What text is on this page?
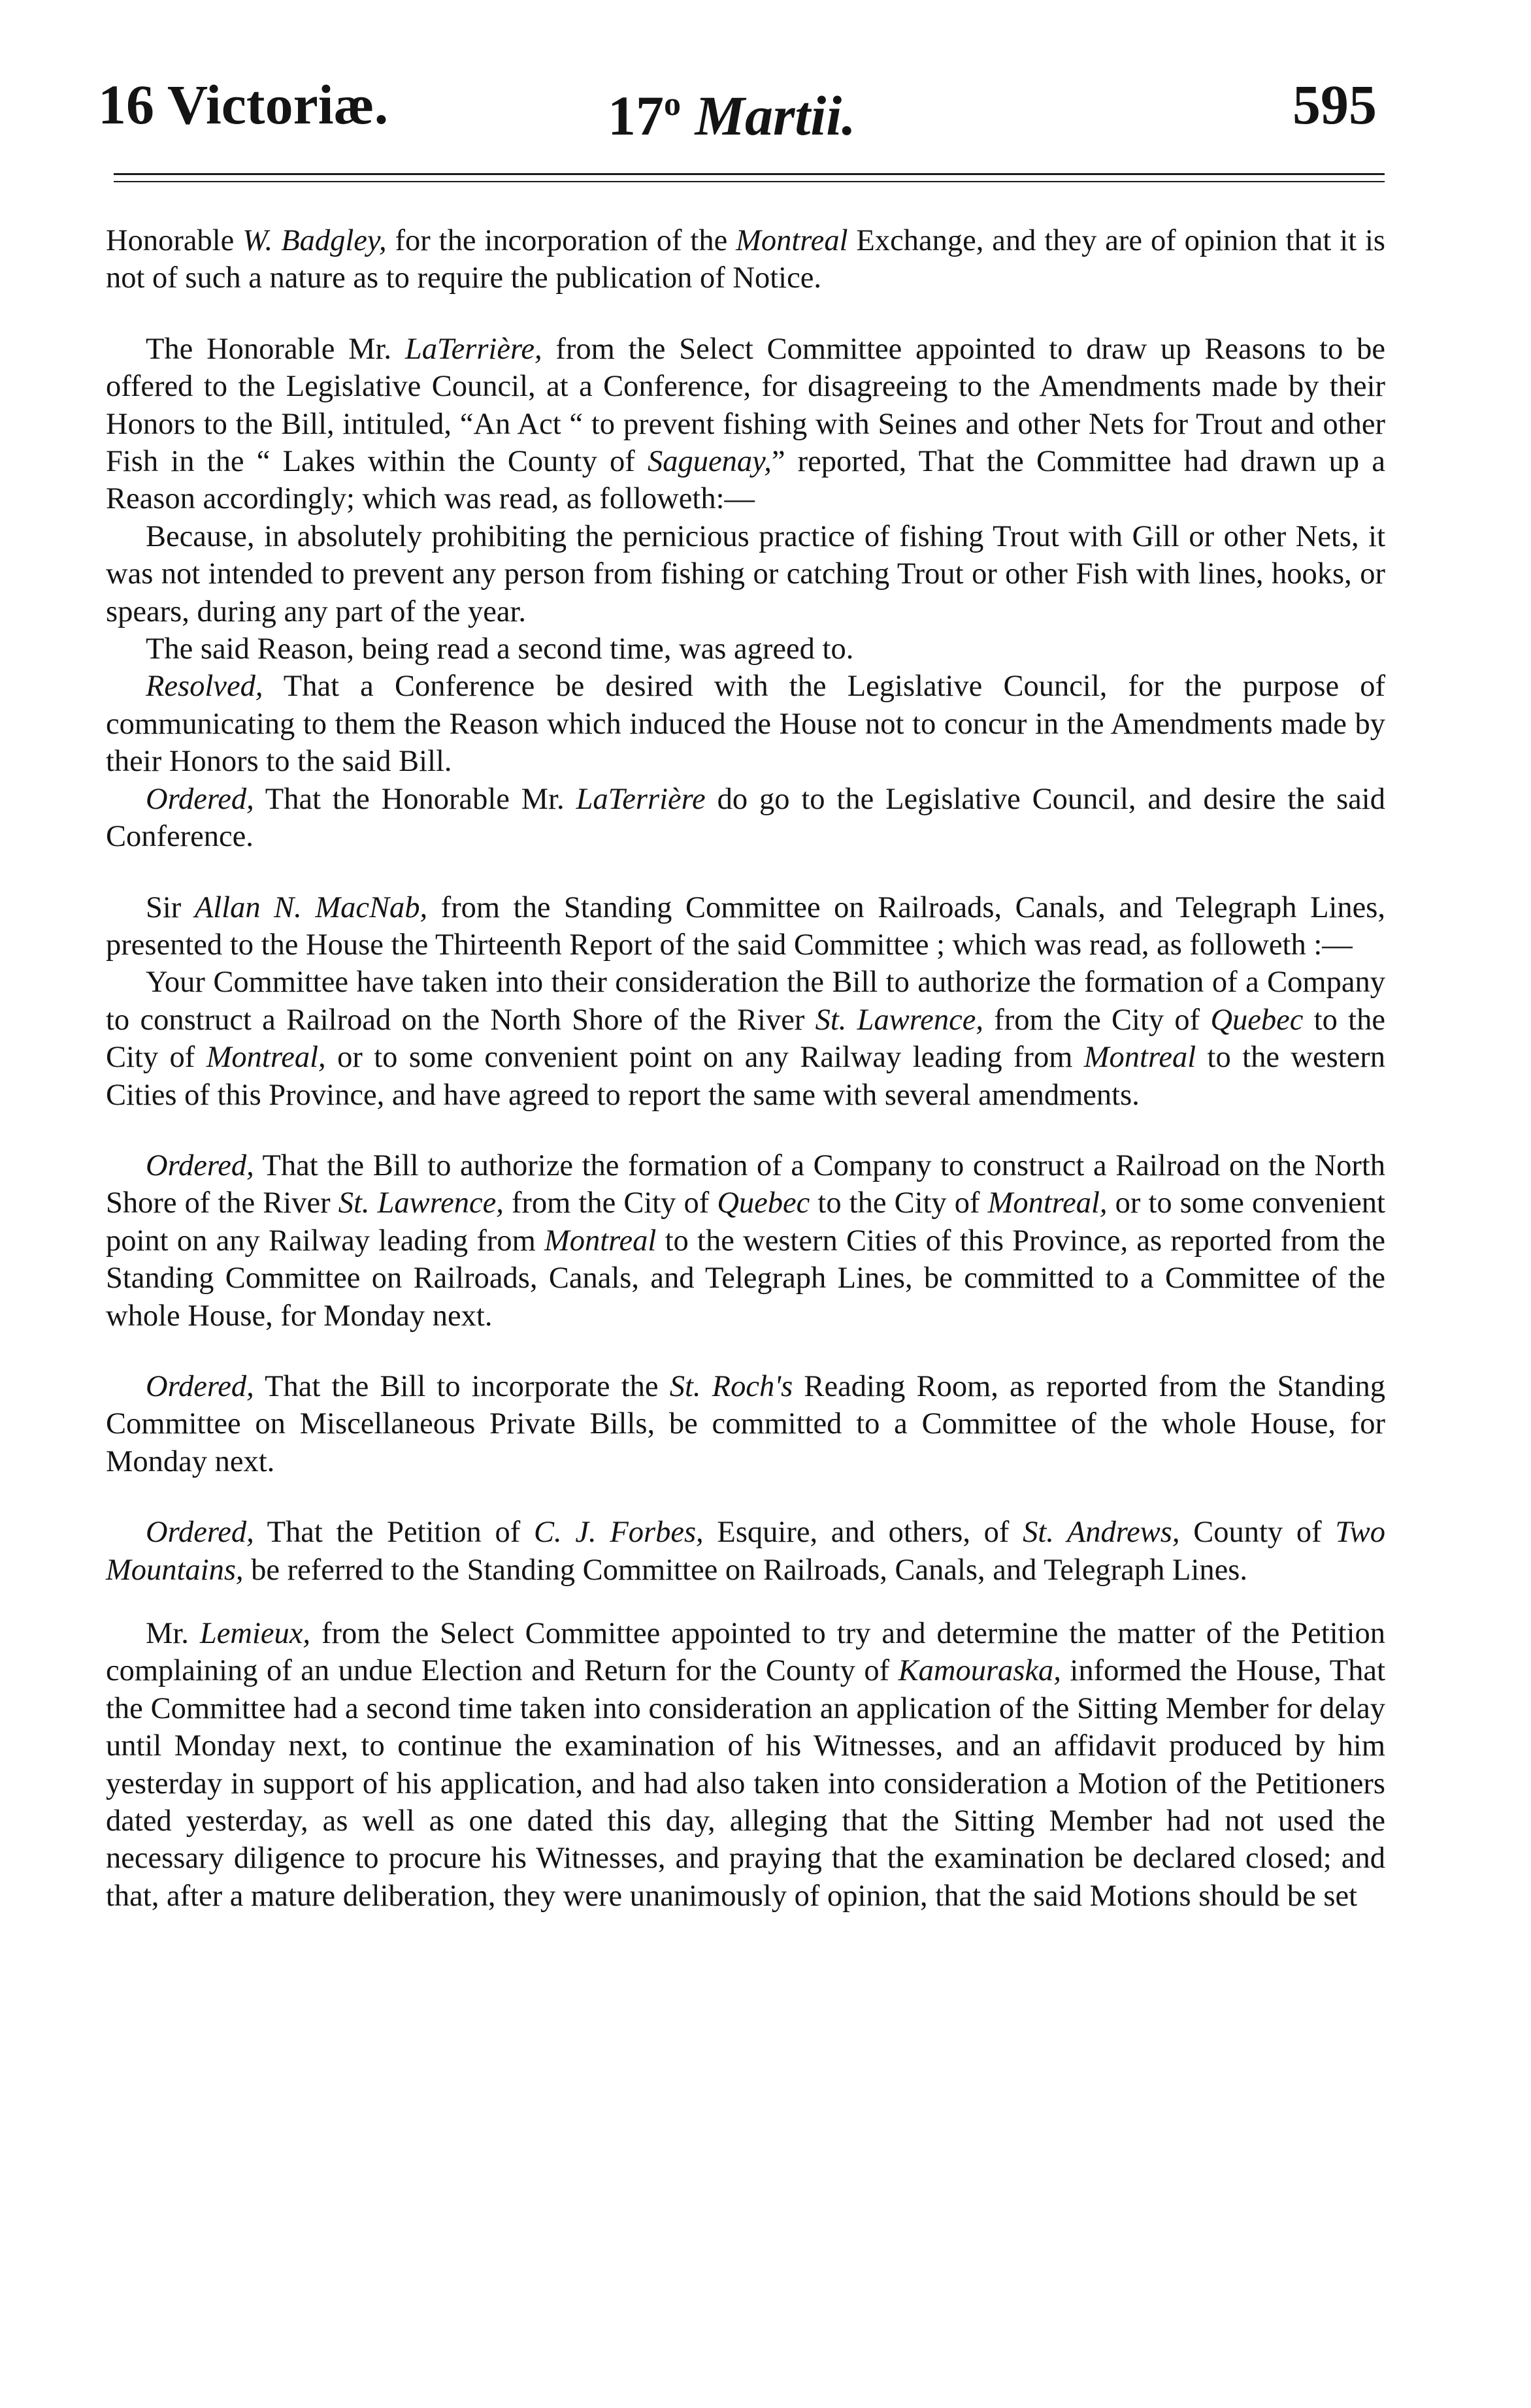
16 Victoriæ.	17$^o$ Martii.	595

Honorable W. Badgley, for the incorporation of the Montreal Exchange, and they are of opinion that it is not of such a nature as to require the publication of Notice.

The Honorable Mr. LaTerrière, from the Select Committee appointed to draw up Reasons to be offered to the Legislative Council, at a Conference, for disagreeing to the Amendments made by their Honors to the Bill, intituled, “An Act “ to prevent fishing with Seines and other Nets for Trout and other Fish in the “ Lakes within the County of Saguenay,” reported, That the Committee had drawn up a Reason accordingly; which was read, as followeth:—

Because, in absolutely prohibiting the pernicious practice of fishing Trout with Gill or other Nets, it was not intended to prevent any person from fishing or catching Trout or other Fish with lines, hooks, or spears, during any part of the year.

The said Reason, being read a second time, was agreed to.

Resolved, That a Conference be desired with the Legislative Council, for the purpose of communicating to them the Reason which induced the House not to concur in the Amendments made by their Honors to the said Bill.

Ordered, That the Honorable Mr. LaTerrière do go to the Legislative Council, and desire the said Conference.

Sir Allan N. MacNab, from the Standing Committee on Railroads, Canals, and Telegraph Lines, presented to the House the Thirteenth Report of the said Committee ; which was read, as followeth :—

Your Committee have taken into their consideration the Bill to authorize the formation of a Company to construct a Railroad on the North Shore of the River St. Lawrence, from the City of Quebec to the City of Montreal, or to some convenient point on any Railway leading from Montreal to the western Cities of this Province, and have agreed to report the same with several amendments.

Ordered, That the Bill to authorize the formation of a Company to construct a Railroad on the North Shore of the River St. Lawrence, from the City of Quebec to the City of Montreal, or to some convenient point on any Railway leading from Montreal to the western Cities of this Province, as reported from the Standing Committee on Railroads, Canals, and Telegraph Lines, be committed to a Committee of the whole House, for Monday next.

Ordered, That the Bill to incorporate the St. Roch's Reading Room, as reported from the Standing Committee on Miscellaneous Private Bills, be committed to a Committee of the whole House, for Monday next.

Ordered, That the Petition of C. J. Forbes, Esquire, and others, of St. Andrews, County of Two Mountains, be referred to the Standing Committee on Railroads, Canals, and Telegraph Lines.

Mr. Lemieux, from the Select Committee appointed to try and determine the matter of the Petition complaining of an undue Election and Return for the County of Kamouraska, informed the House, That the Committee had a second time taken into consideration an application of the Sitting Member for delay until Monday next, to continue the examination of his Witnesses, and an affidavit produced by him yesterday in support of his application, and had also taken into consideration a Motion of the Petitioners dated yesterday, as well as one dated this day, alleging that the Sitting Member had not used the necessary diligence to procure his Witnesses, and praying that the examination be declared closed; and that, after a mature deliberation, they were unanimously of opinion, that the said Motions should be set
